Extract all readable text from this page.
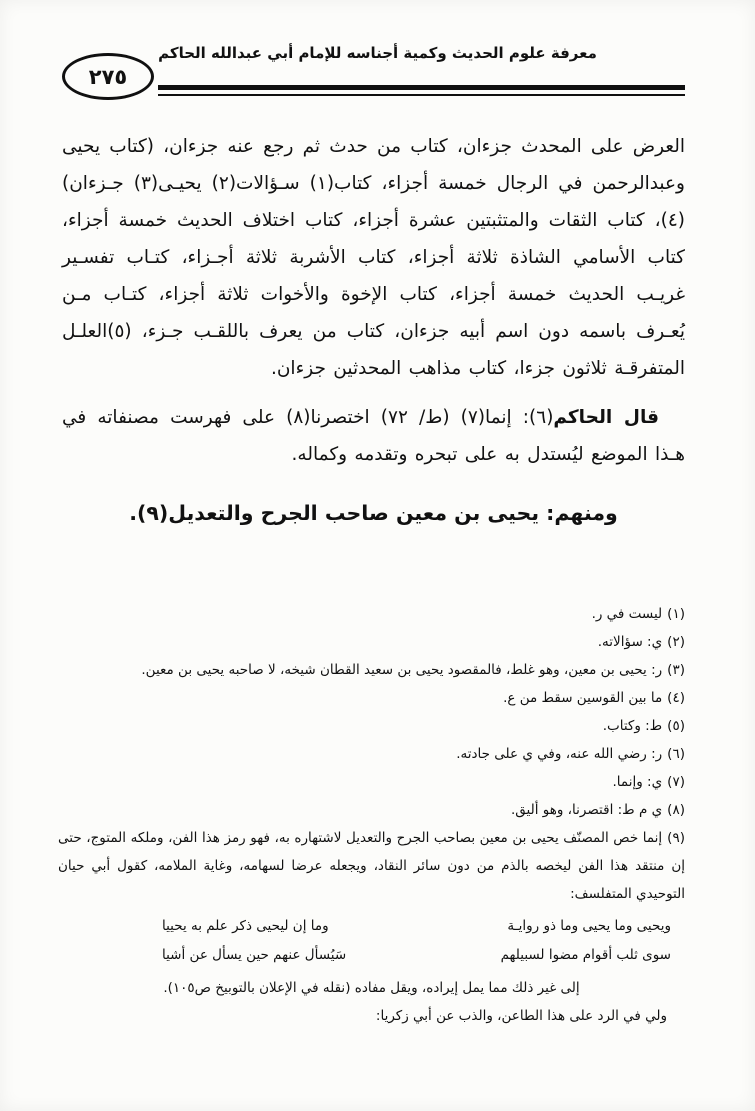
معرفة علوم الحديث وكمية أجناسه للإمام أبي عبدالله الحاكم
٢٧٥

العرض على المحدث جزءان، كتاب من حدث ثم رجع عنه جزءان، (كتاب يحيى وعبدالرحمن في الرجال خمسة أجزاء، كتاب(١) سـؤالات(٢) يحيـى(٣) جـزءان)(٤)، كتاب الثقات والمتثبتين عشرة أجزاء، كتاب اختلاف الحديث خمسة أجزاء، كتاب الأسامي الشاذة ثلاثة أجزاء، كتاب الأشربة ثلاثة أجـزاء، كتـاب تفسـير غريـب الحديث خمسة أجزاء، كتاب الإخوة والأخوات ثلاثة أجزاء، كتـاب مـن يُعـرف باسمه دون اسم أبيه جزءان، كتاب من يعرف باللقـب جـزء، (٥)العلـل المتفرقـة ثلاثون جزءا، كتاب مذاهب المحدثين جزءان.

قال الحاكم(٦): إنما(٧) (ط/ ٧٢) اختصرنا(٨) على فهرست مصنفاته في هـذا الموضع ليُستدل به على تبحره وتقدمه وكماله.

ومنهم: يحيى بن معين صاحب الجرح والتعديل(٩).

(١)ليست في ر.

(٢)ي: سؤالاته.

(٣)ر: يحيى بن معين، وهو غلط، فالمقصود يحيى بن سعيد القطان شيخه، لا صاحبه يحيى بن معين.

(٤)ما بين القوسين سقط من ع.

(٥)ط: وكتاب.

(٦)ر: رضي الله عنه، وفي ي على جادته.

(٧)ي: وإنما.

(٨)ي م ط: اقتصرنا، وهو أليق.

(٩)إنما خص المصنّف يحيى بن معين بصاحب الجرح والتعديل لاشتهاره به، فهو رمز هذا الفن، وملكه المتوج، حتى إن منتقد هذا الفن ليخصه بالذم من دون سائر النقاد، ويجعله عرضا لسهامه، وغاية الملامه، كقول أبي حيان التوحيدي المتفلسف:

ويحيى وما يحيى وما ذو روايـة
وما إن ليحيى ذكر علم به يحييا
سوى ثلب أقوام مضوا لسبيلهم
سَيُسأل عنهم حين يسأل عن أشيا

إلى غير ذلك مما يمل إيراده، ويقل مفاده (نقله في الإعلان بالتوبيخ ص١٠٥).

ولي في الرد على هذا الطاعن، والذب عن أبي زكريا:
